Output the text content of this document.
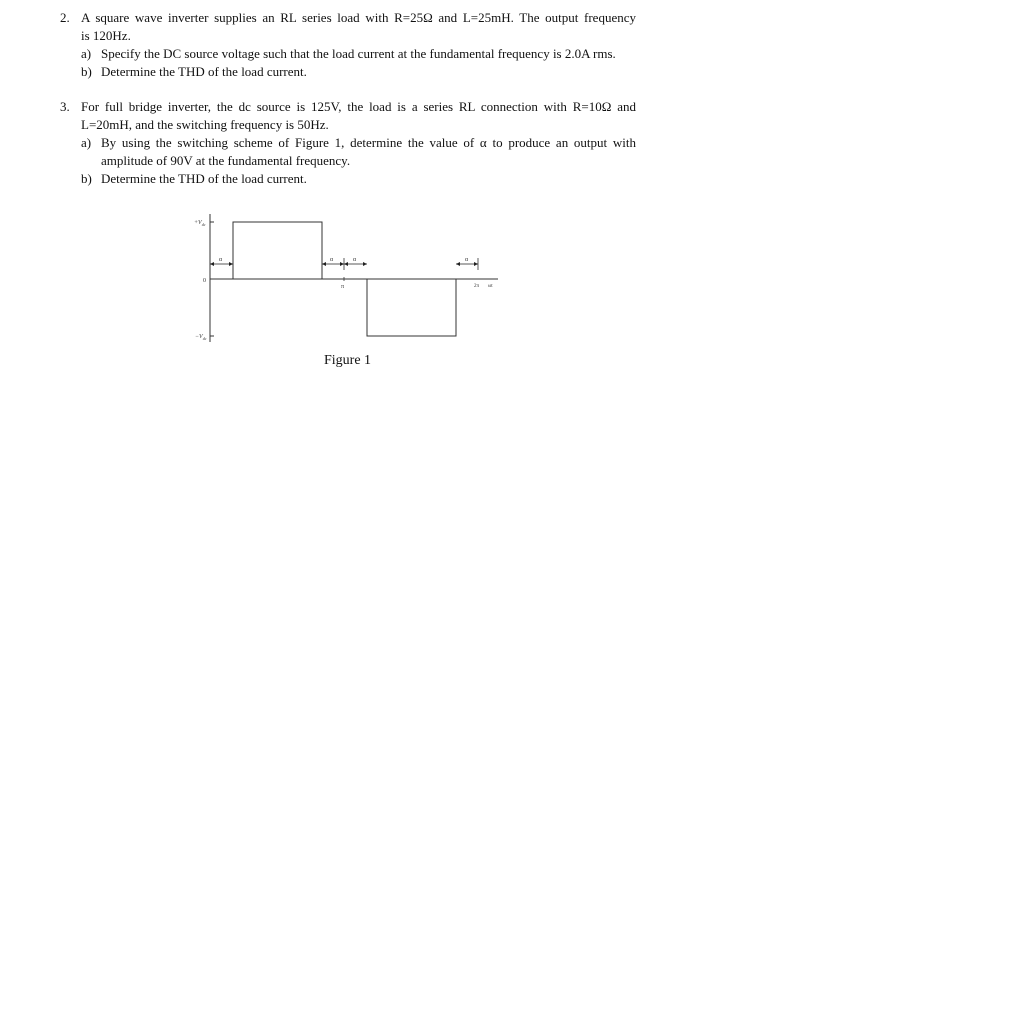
2. A square wave inverter supplies an RL series load with R=25Ω and L=25mH. The output frequency
is 120Hz.
a) Specify the DC source voltage such that the load current at the fundamental frequency is 2.0A rms.
b) Determine the THD of the load current.
3. For full bridge inverter, the dc source is 125V, the load is a series RL connection with R=10Ω and
L=20mH, and the switching frequency is 50Hz.
a) By using the switching scheme of Figure 1, determine the value of α to produce an output with
amplitude of 90V at the fundamental frequency.
b) Determine the THD of the load current.
$+V_{dc}$
$-V_{dc}$
0
α	α	α
π
α
2π ωt
Figure 1
